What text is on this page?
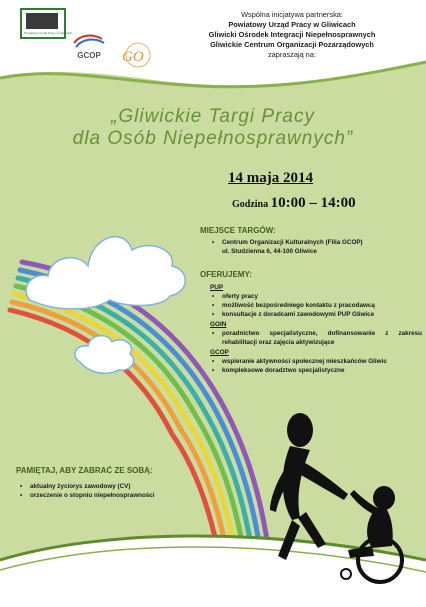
Powiatowy Urząd Pracy w Gliwicach
GCOP GO
Wspólna inicjatywa partnerska:
Powiatowy Urząd Pracy w Gliwicach
Gliwicki Ośrodek Integracji Niepełnosprawnych
Gliwickie Centrum Organizacji Pozarządowych
zapraszają na:
„Gliwickie Targi Pracy
dla Osób Niepełnosprawnych”
14 maja 2014
Godzina 10:00 – 14:00
MIEJSCE TARGÓW:
• Centrum Organizacji Kulturalnych (Filia GCOP)
ul. Studzienna 6, 44-100 Gliwice
OFERUJEMY:
PUP
• oferty pracy
• możliwość bezpośredniego kontaktu z pracodawcą
• konsultacje z doradcami zawodowymi PUP Gliwice
GOIN
• poradnictwo specjalistyczne, dofinansowanie z zakresu rehabilitacji oraz zajęcia aktywizujące
GCOP
• wspieranie aktywności społecznej mieszkańców Gliwic
• kompleksowe doradztwo specjalistyczne
PAMIĘTAJ, ABY ZABRAĆ ZE SOBĄ:
• aktualny życiorys zawodowy (CV)
• orzeczenie o stopniu niepełnosprawności
